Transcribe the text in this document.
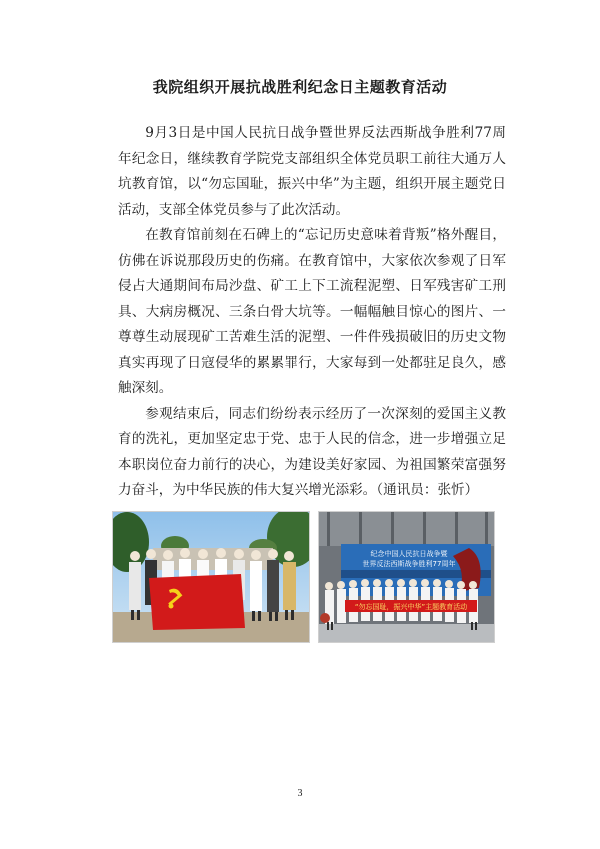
我院组织开展抗战胜利纪念日主题教育活动

9月3日是中国人民抗日战争暨世界反法西斯战争胜利77周年纪念日，继续教育学院党支部组织全体党员职工前往大通万人坑教育馆，以“勿忘国耻，振兴中华”为主题，组织开展主题党日活动，支部全体党员参与了此次活动。

在教育馆前刻在石碑上的“忘记历史意味着背叛”格外醒目，仿佛在诉说那段历史的伤痛。在教育馆中，大家依次参观了日军侵占大通期间布局沙盘、矿工上下工流程泥塑、日军残害矿工刑具、大病房概况、三条白骨大坑等。一幅幅触目惊心的图片、一尊尊生动展现矿工苦难生活的泥塑、一件件残损破旧的历史文物真实再现了日寇侵华的累累罪行，大家每到一处都驻足良久，感触深刻。

参观结束后，同志们纷纷表示经历了一次深刻的爱国主义教育的洗礼，更加坚定忠于党、忠于人民的信念，进一步增强立足本职岗位奋力前行的决心，为建设美好家园、为祖国繁荣富强努力奋斗，为中华民族的伟大复兴增光添彩。（通讯员：张忻）

纪念中国人民抗日战争暨
世界反法西斯战争胜利77周年
“勿忘国耻，振兴中华”主题教育活动
3
